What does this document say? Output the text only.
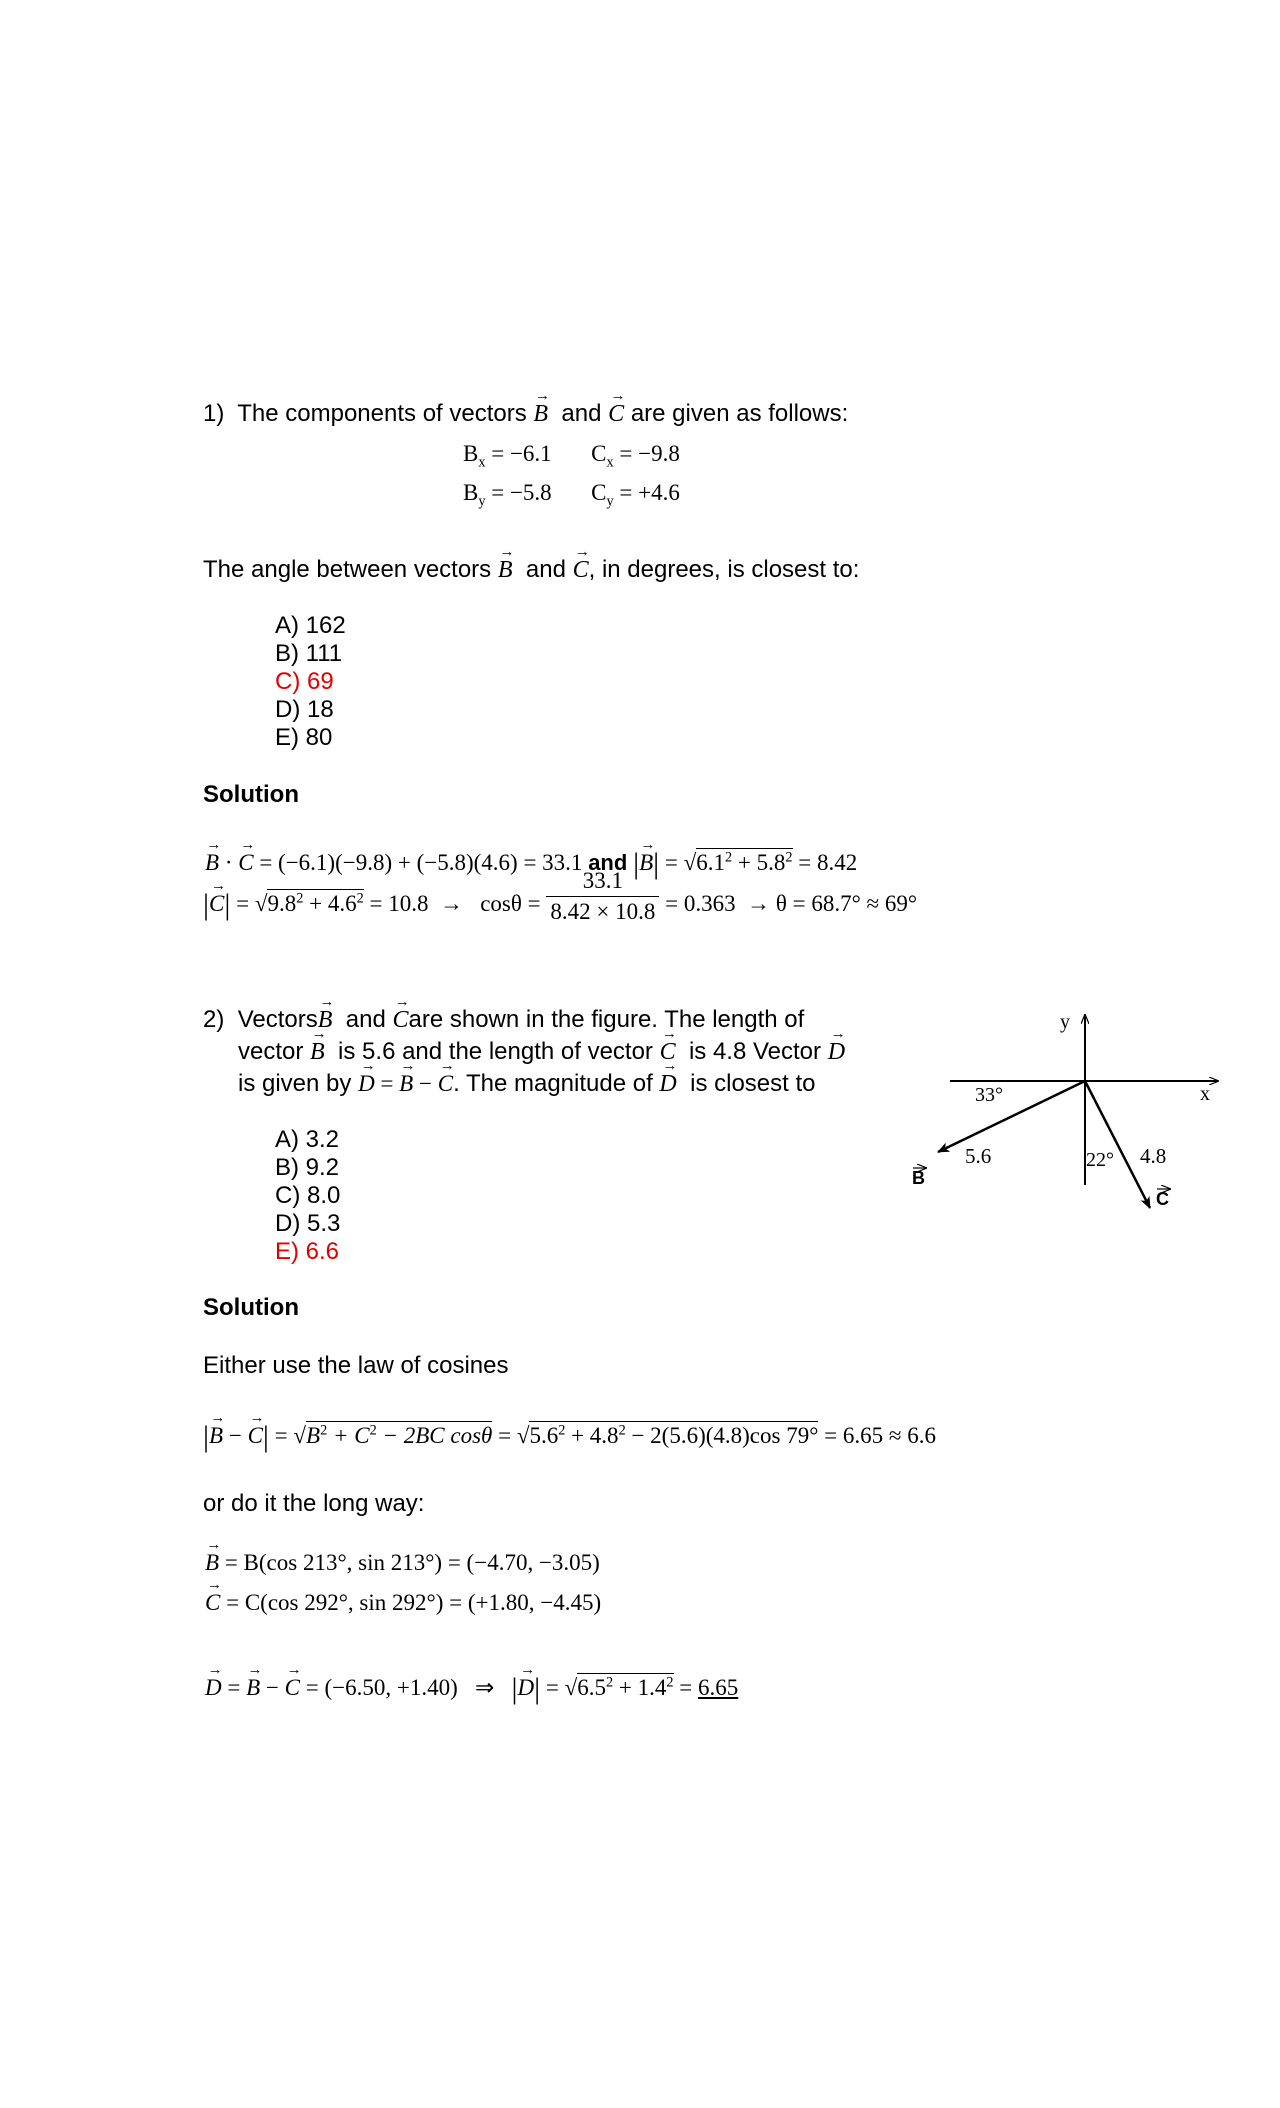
1) The components of vectors → B and → C are given as follows:
$B_x = -6.1$ $C_x = -9.8$
$B_y = -5.8$ $C_y = +4.6$
The angle between vectors → B and → C, in degrees, is closest to:
A) 162
B) 111
C) 69
D) 18
E) 80
Solution
→ B · → C = (−6.1)(−9.8) + (−5.8)(4.6) = 33.1 and |→ $B| = √6.1^2 + 5.8^2 = 8.42$
|→ $C| = √9.8^2 + 4.6^2 = 10.8 \to \cos\theta = \frac{33.1}{8.42 \times 10.8} = 0.363 \to \theta = 68.7^\circ \approx 69^\circ$
2) Vectors→ B and → Care shown in the figure. The length of
vector → B is 5.6 and the length of vector → C is 4.8 Vector → D
is given by → D = → B − → C. The magnitude of → D is closest to
A) 3.2
B) 9.2
C) 8.0
D) 5.3
E) 6.6
y
x
33°
22°
5.6	4.8
B
C
Solution
Either use the law of cosines
|→ B − → $C| = √B^2 + C^2 - 2BC$ $\cos\theta = √5.6^2 + 4.8^2 - 2(5.6)(4.8)\cos$ 79° = 6.65 ≈ 6.6
or do it the long way:
→ B = B(cos 213°, sin 213°) = (−4.70, −3.05)
→ C = C(cos 292°, sin 292°) = (+1.80, −4.45)
→ D = → B − → C = (−6.50, +1.40) ⇒ |→ $D| = √6.5^2 + 1.4^2 = 6.65$
